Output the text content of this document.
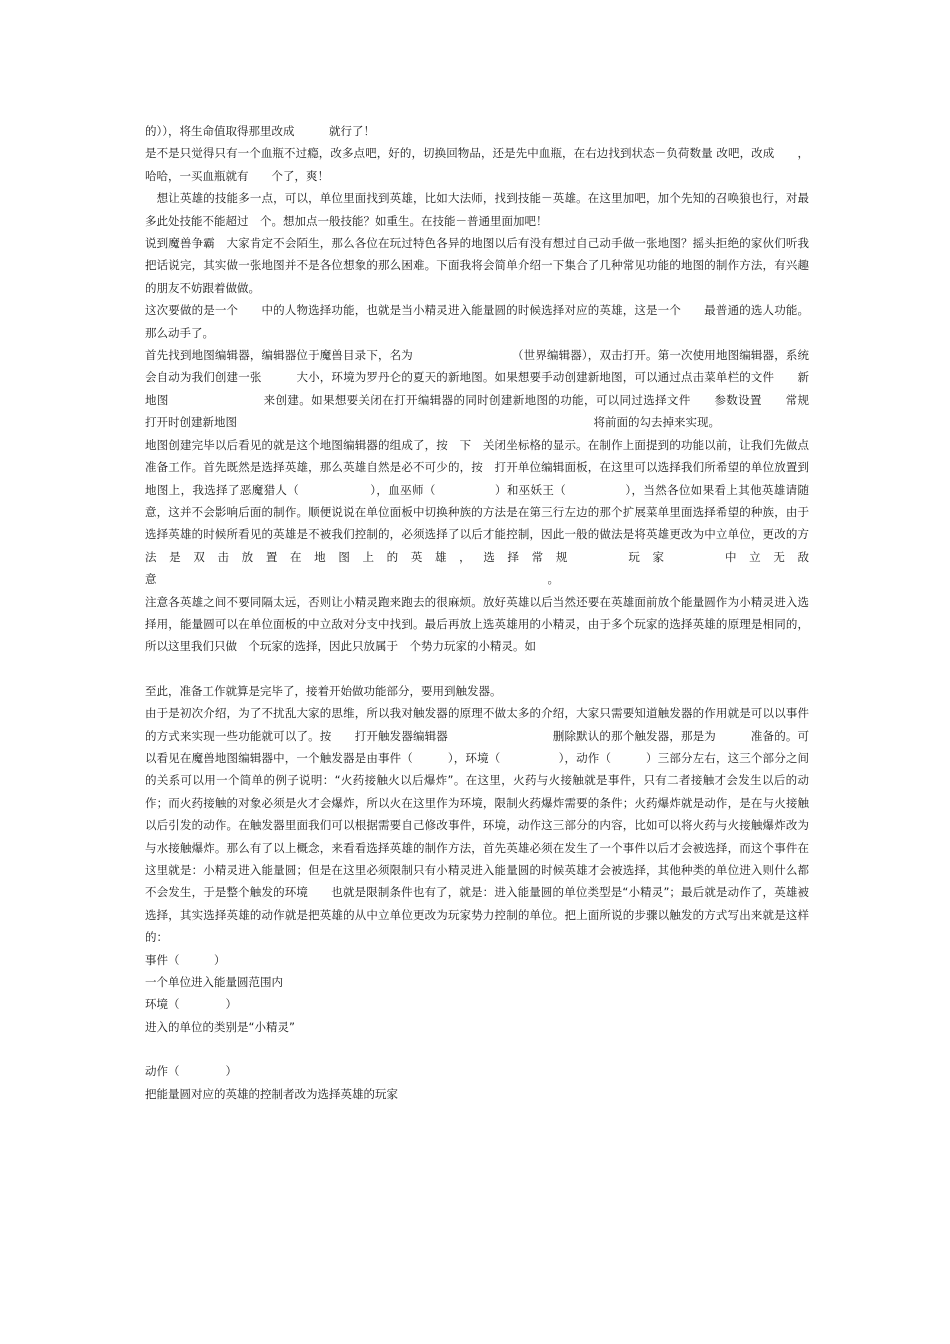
的）），将生命值取得那里改成　　　就行了！

是不是只觉得只有一个血瓶不过瘾，改多点吧，好的，切换回物品，还是先中血瓶，在右边找到状态－负荷数量 改吧，改成　　，哈哈，一买血瓶就有　　个了，爽！

　想让英雄的技能多一点，可以，单位里面找到英雄，比如大法师，找到技能－英雄。在这里加吧，加个先知的召唤狼也行，对最多此处技能不能超过　个。想加点一般技能？如重生。在技能－普通里面加吧！

说到魔兽争霸　大家肯定不会陌生，那么各位在玩过特色各异的地图以后有没有想过自己动手做一张地图？摇头拒绝的家伙们听我把话说完，其实做一张地图并不是各位想象的那么困难。下面我将会简单介绍一下集合了几种常见功能的地图的制作方法，有兴趣的朋友不妨跟着做做。

这次要做的是一个　　中的人物选择功能，也就是当小精灵进入能量圆的时候选择对应的英雄，这是一个　　最普通的选人功能。那么动手了。

首先找到地图编辑器，编辑器位于魔兽目录下，名为　　　　　　　　　（世界编辑器），双击打开。第一次使用地图编辑器，系统会自动为我们创建一张　　　大小，环境为罗丹仑的夏天的新地图。如果想要手动创建新地图，可以通过点击菜单栏的文件　　新地图　　　　　　　　来创建。如果想要关闭在打开编辑器的同时创建新地图的功能，可以同过选择文件　　参数设置　　常规　　打开时创建新地图　　　　　　　　　　　　　　　　　　　　　　　　　　　　　　　将前面的勾去掉来实现。

地图创建完毕以后看见的就是这个地图编辑器的组成了，按　下　关闭坐标格的显示。在制作上面提到的功能以前，让我们先做点准备工作。首先既然是选择英雄，那么英雄自然是必不可少的，按　打开单位编辑面板，在这里可以选择我们所希望的单位放置到地图上，我选择了恶魔猎人（　　　　　　），血巫师（　　　　　）和巫妖王（　　　　　），当然各位如果看上其他英雄请随意，这并不会影响后面的制作。顺便说说在单位面板中切换种族的方法是在第三行左边的那个扩展菜单里面选择希望的种族，由于选择英雄的时候所看见的英雄是不被我们控制的，必须选择了以后才能控制，因此一般的做法是将英雄更改为中立单位，更改的方法是双击放置在地图上的英雄，选择常规　　玩家　　中立无敌意　　　　　　　　　　　　　　　　　　　　　　　　　　　　　　　　　　。

注意各英雄之间不要同隔太远，否则让小精灵跑来跑去的很麻烦。放好英雄以后当然还要在英雄面前放个能量圆作为小精灵进入选择用，能量圆可以在单位面板的中立敌对分支中找到。最后再放上选英雄用的小精灵，由于多个玩家的选择英雄的原理是相同的，所以这里我们只做　个玩家的选择，因此只放属于　个势力玩家的小精灵。如

至此，准备工作就算是完毕了，接着开始做功能部分，要用到触发器。

由于是初次介绍，为了不扰乱大家的思维，所以我对触发器的原理不做太多的介绍，大家只需要知道触发器的作用就是可以以事件的方式来实现一些功能就可以了。按　　打开触发器编辑器　　　　　　　　　删除默认的那个触发器，那是为　　　准备的。可以看见在魔兽地图编辑器中，一个触发器是由事件（　　　），环境（　　　　　），动作（　　　）三部分左右，这三个部分之间的关系可以用一个简单的例子说明：“火药接触火以后爆炸”。在这里，火药与火接触就是事件，只有二者接触才会发生以后的动作；而火药接触的对象必须是火才会爆炸，所以火在这里作为环境，限制火药爆炸需要的条件；火药爆炸就是动作，是在与火接触以后引发的动作。在触发器里面我们可以根据需要自己修改事件，环境，动作这三部分的内容，比如可以将火药与火接触爆炸改为与水接触爆炸。那么有了以上概念，来看看选择英雄的制作方法，首先英雄必须在发生了一个事件以后才会被选择，而这个事件在这里就是：小精灵进入能量圆；但是在这里必须限制只有小精灵进入能量圆的时候英雄才会被选择，其他种类的单位进入则什么都不会发生，于是整个触发的环境　　也就是限制条件也有了，就是：进入能量圆的单位类型是“小精灵”；最后就是动作了，英雄被选择，其实选择英雄的动作就是把英雄的从中立单位更改为玩家势力控制的单位。把上面所说的步骤以触发的方式写出来就是这样的：

事件（　　　）

一个单位进入能量圆范围内

环境（　　　　）

进入的单位的类别是“小精灵”

动作（　　　　）

把能量圆对应的英雄的控制者改为选择英雄的玩家
